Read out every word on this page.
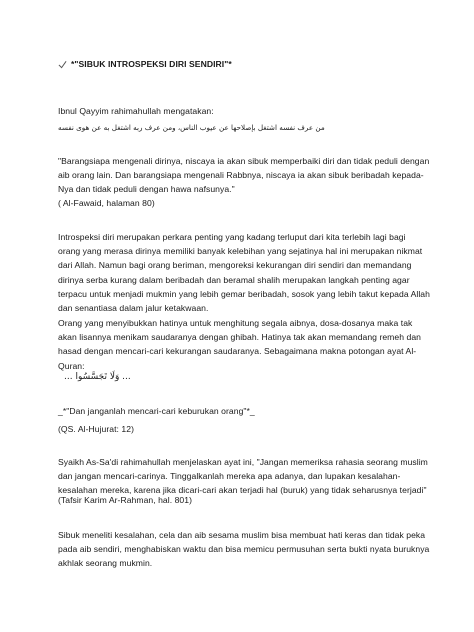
*"SIBUK INTROSPEKSI DIRI SENDIRI"*
Ibnul Qayyim rahimahullah mengatakan:
من عرف نفسه اشتغل بإصلاحها عن عيوب الناس، ومن عرف ربه اشتغل به عن هوى نفسه
"Barangsiapa mengenali dirinya, niscaya ia akan sibuk memperbaiki diri dan tidak peduli dengan aib orang lain. Dan barangsiapa mengenali Rabbnya, niscaya ia akan sibuk beribadah kepada-Nya dan tidak peduli dengan hawa nafsunya."
( Al-Fawaid, halaman 80)
Introspeksi diri merupakan perkara penting yang kadang terluput dari kita terlebih lagi bagi orang yang merasa dirinya memiliki banyak kelebihan yang sejatinya hal ini merupakan nikmat dari Allah. Namun bagi orang beriman, mengoreksi kekurangan diri sendiri dan memandang dirinya serba kurang dalam beribadah dan beramal shalih merupakan langkah penting agar terpacu untuk menjadi mukmin yang lebih gemar beribadah, sosok yang lebih takut kepada Allah dan senantiasa dalam jalur ketakwaan.
Orang yang menyibukkan hatinya untuk menghitung segala aibnya, dosa-dosanya maka tak akan lisannya menikam saudaranya dengan ghibah. Hatinya tak akan memandang remeh dan hasad dengan mencari-cari kekurangan saudaranya. Sebagaimana makna potongan ayat Al-Quran:
... وَلَا تَجَسَّسُوا ...
_*"Dan janganlah mencari-cari keburukan orang"*_
(QS. Al-Hujurat: 12)
Syaikh As-Sa'di rahimahullah menjelaskan ayat ini, "Jangan memeriksa rahasia seorang muslim dan jangan mencari-carinya. Tinggalkanlah mereka apa adanya, dan lupakan kesalahan-kesalahan mereka, karena jika dicari-cari akan terjadi hal (buruk) yang tidak seharusnya terjadi"
(Tafsir Karim Ar-Rahman, hal. 801)
Sibuk meneliti kesalahan, cela dan aib sesama muslim bisa membuat hati keras dan tidak peka pada aib sendiri, menghabiskan waktu dan bisa memicu permusuhan serta bukti nyata buruknya akhlak seorang mukmin.
